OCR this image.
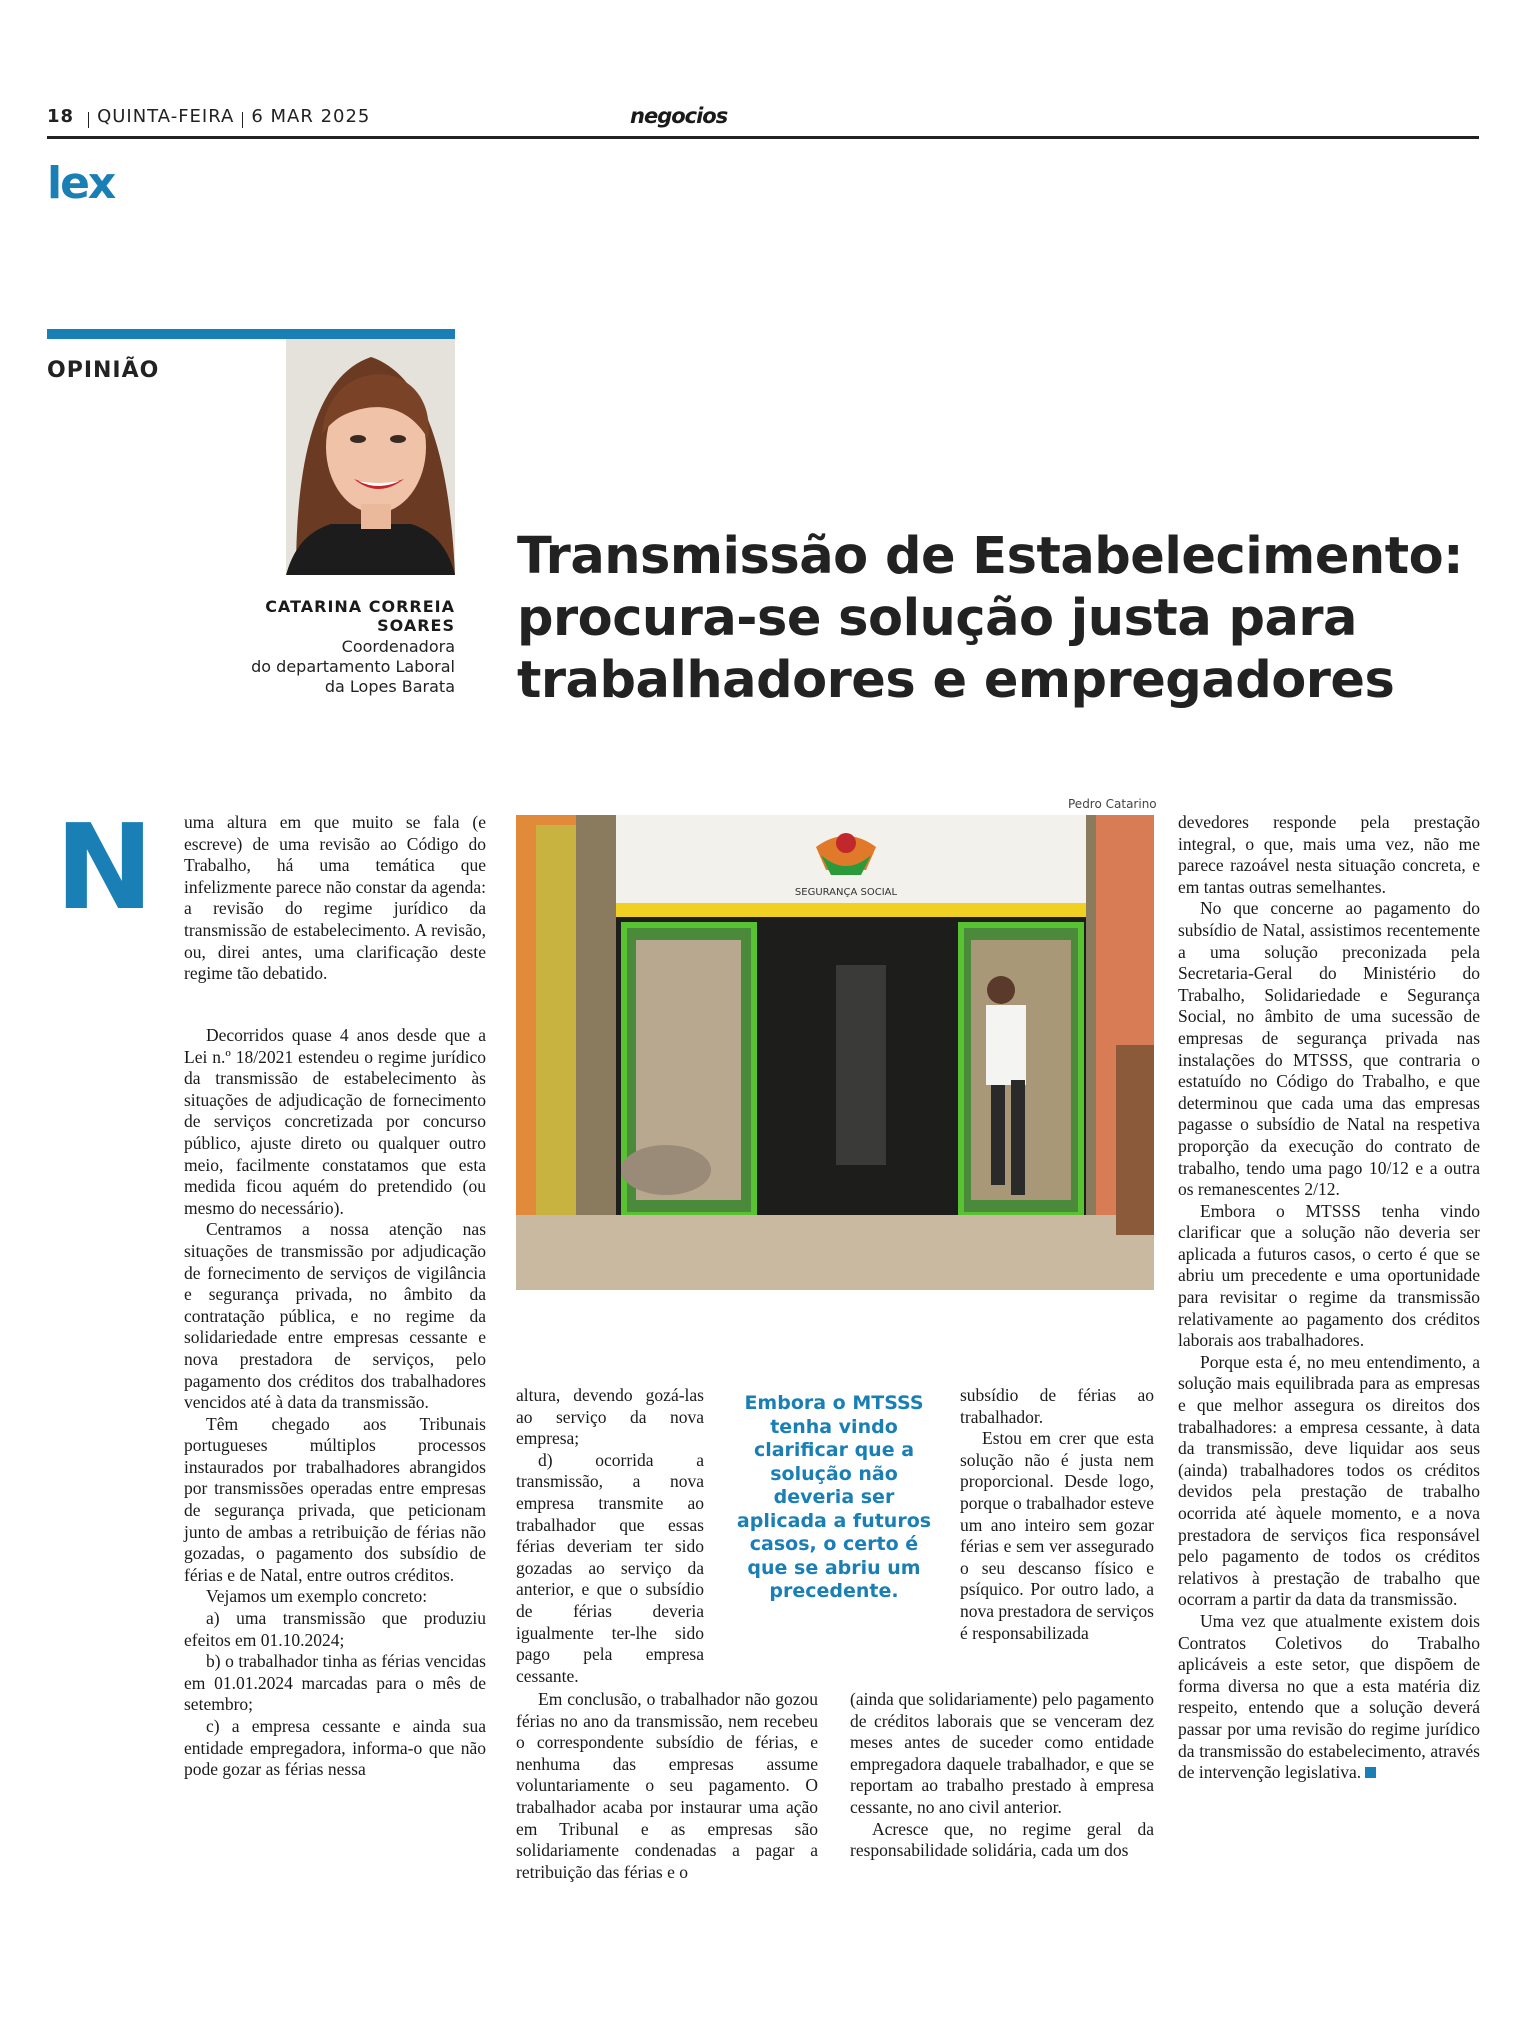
18 QUINTA-FEIRA 6 MAR 2025	negocios
lex
OPINIÃO
CATARINA CORREIA SOARES
Coordenadora
do departamento Laboral
da Lopes Barata
Transmissão de Estabelecimento:
procura-se solução justa para
trabalhadores e empregadores
N uma altura em que muito se fala (e escreve) de uma revisão ao Código do Trabalho, há uma temática que infelizmente parece não constar da agenda: a revisão do regime jurídico da transmissão de estabelecimento. A revisão, ou, direi antes, uma clarificação deste regime tão debatido.

Decorridos quase 4 anos desde que a Lei n.º 18/2021 estendeu o regime jurídico da transmissão de estabelecimento às situações de adjudicação de fornecimento de serviços concretizada por concurso público, ajuste direto ou qualquer outro meio, facilmente constatamos que esta medida ficou aquém do pretendido (ou mesmo do necessário).

Centramos a nossa atenção nas situações de transmissão por adjudicação de fornecimento de serviços de vigilância e segurança privada, no âmbito da contratação pública, e no regime da solidariedade entre empresas cessante e nova prestadora de serviços, pelo pagamento dos créditos dos trabalhadores vencidos até à data da transmissão.

Têm chegado aos Tribunais portugueses múltiplos processos instaurados por trabalhadores abrangidos por transmissões operadas entre empresas de segurança privada, que peticionam junto de ambas a retribuição de férias não gozadas, o pagamento dos subsídio de férias e de Natal, entre outros créditos.

Vejamos um exemplo concreto:

a) uma transmissão que produziu efeitos em 01.10.2024;

b) o trabalhador tinha as férias vencidas em 01.01.2024 marcadas para o mês de setembro;

c) a empresa cessante e ainda sua entidade empregadora, informa-o que não pode gozar as férias nessa

Pedro Catarino
SEGURANÇA SOCIAL

altura, devendo gozá-las ao serviço da nova empresa;

d) ocorrida a transmissão, a nova empresa transmite ao trabalhador que essas férias deveriam ter sido gozadas ao serviço da anterior, e que o subsídio de férias deveria igualmente ter-lhe sido pago pela empresa cessante.

Embora o MTSSS tenha vindo clarificar que a solução não deveria ser aplicada a futuros casos, o certo é que se abriu um precedente.

subsídio de férias ao trabalhador.

Estou em crer que esta solução não é justa nem proporcional. Desde logo, porque o trabalhador esteve um ano inteiro sem gozar férias e sem ver assegurado o seu descanso físico e psíquico. Por outro lado, a nova prestadora de serviços é responsabilizada

Em conclusão, o trabalhador não gozou férias no ano da transmissão, nem recebeu o correspondente subsídio de férias, e nenhuma das empresas assume voluntariamente o seu pagamento. O trabalhador acaba por instaurar uma ação em Tribunal e as empresas são solidariamente condenadas a pagar a retribuição das férias e o

(ainda que solidariamente) pelo pagamento de créditos laborais que se venceram dez meses antes de suceder como entidade empregadora daquele trabalhador, e que se reportam ao trabalho prestado à empresa cessante, no ano civil anterior.

Acresce que, no regime geral da responsabilidade solidária, cada um dos

devedores responde pela prestação integral, o que, mais uma vez, não me parece razoável nesta situação concreta, e em tantas outras semelhantes.

No que concerne ao pagamento do subsídio de Natal, assistimos recentemente a uma solução preconizada pela Secretaria-Geral do Ministério do Trabalho, Solidariedade e Segurança Social, no âmbito de uma sucessão de empresas de segurança privada nas instalações do MTSSS, que contraria o estatuído no Código do Trabalho, e que determinou que cada uma das empresas pagasse o subsídio de Natal na respetiva proporção da execução do contrato de trabalho, tendo uma pago 10/12 e a outra os remanescentes 2/12.

Embora o MTSSS tenha vindo clarificar que a solução não deveria ser aplicada a futuros casos, o certo é que se abriu um precedente e uma oportunidade para revisitar o regime da transmissão relativamente ao pagamento dos créditos laborais aos trabalhadores.

Porque esta é, no meu entendimento, a solução mais equilibrada para as empresas e que melhor assegura os direitos dos trabalhadores: a empresa cessante, à data da transmissão, deve liquidar aos seus (ainda) trabalhadores todos os créditos devidos pela prestação de trabalho ocorrida até àquele momento, e a nova prestadora de serviços fica responsável pelo pagamento de todos os créditos relativos à prestação de trabalho que ocorram a partir da data da transmissão.

Uma vez que atualmente existem dois Contratos Coletivos do Trabalho aplicáveis a este setor, que dispõem de forma diversa no que a esta matéria diz respeito, entendo que a solução deverá passar por uma revisão do regime jurídico da transmissão do estabelecimento, através de intervenção legislativa.
